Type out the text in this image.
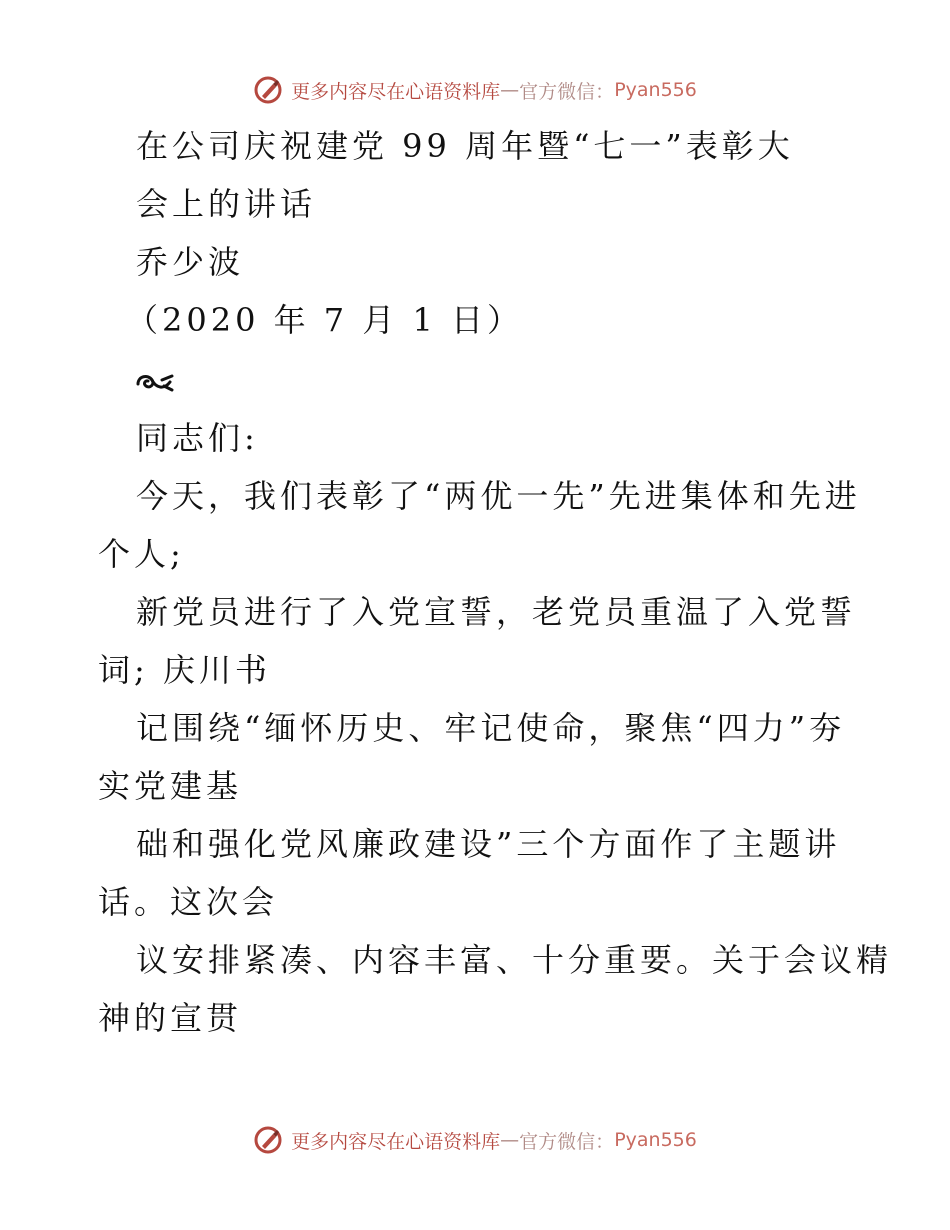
更多内容尽在心语资料库 — 官方微信： Pyan556
在公司庆祝建党 99 周年暨“七一”表彰大
会上的讲话
乔少波
（2020 年 7 月 1 日）
同志们:
今天，我们表彰了“两优一先”先进集体和先进
个人;
新党员进行了入党宣誓，老党员重温了入党誓
词; 庆川书
记围绕“缅怀历史、牢记使命，聚焦“四力”夯
实党建基
础和强化党风廉政建设”三个方面作了主题讲
话。这次会
议安排紧凑、内容丰富、十分重要。关于会议精
神的宣贯
更多内容尽在心语资料库 — 官方微信： Pyan556
